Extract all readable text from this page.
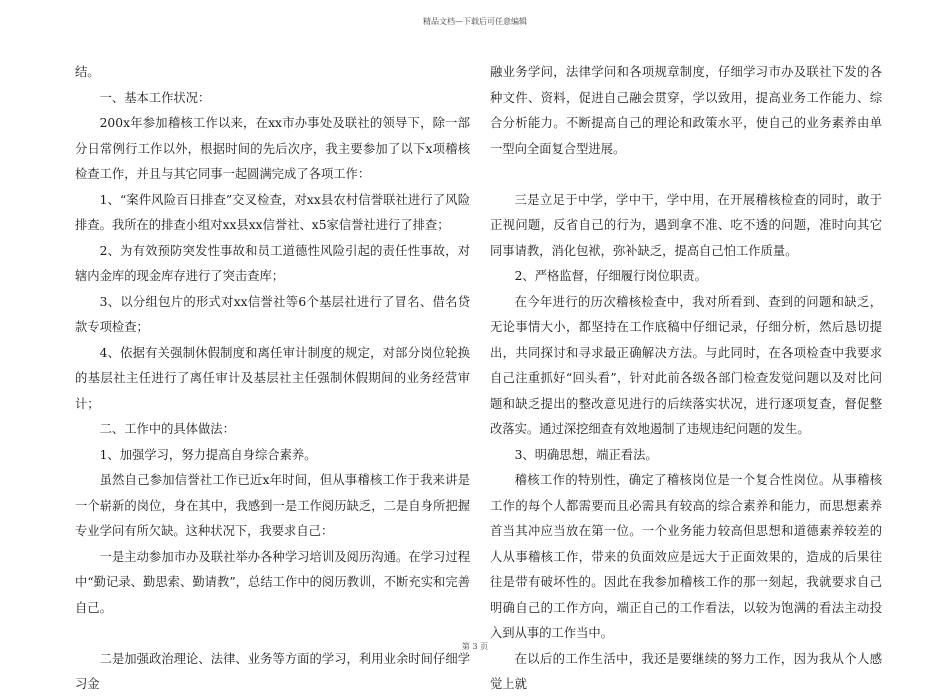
精品文档—下载后可任意编辑

结。

一、基本工作状况：

200x年参加稽核工作以来，在xx市办事处及联社的领导下，除一部分日常例行工作以外，根据时间的先后次序，我主要参加了以下x项稽核检查工作，并且与其它同事一起圆满完成了各项工作：

1、“案件风险百日排查”交叉检查，对xx县农村信誉联社进行了风险排查。我所在的排查小组对xx县xx信誉社、x5家信誉社进行了排查；

2、为有效预防突发性事故和员工道德性风险引起的责任性事故，对辖内金库的现金库存进行了突击查库；

3、以分组包片的形式对xx信誉社等6个基层社进行了冒名、借名贷款专项检查；

4、依据有关强制休假制度和离任审计制度的规定，对部分岗位轮换的基层社主任进行了离任审计及基层社主任强制休假期间的业务经营审计；

二、工作中的具体做法：

1、加强学习，努力提高自身综合素养。

虽然自己参加信誉社工作已近x年时间，但从事稽核工作于我来讲是一个崭新的岗位，身在其中，我感到一是工作阅历缺乏，二是自身所把握专业学问有所欠缺。这种状况下，我要求自己：

一是主动参加市办及联社举办各种学习培训及阅历沟通。在学习过程中“勤记录、勤思索、勤请教”，总结工作中的阅历教训，不断充实和完善自己。

二是加强政治理论、法律、业务等方面的学习，利用业余时间仔细学习金

融业务学问，法律学问和各项规章制度，仔细学习市办及联社下发的各种文件、资料，促进自己融会贯穿，学以致用，提高业务工作能力、综合分析能力。不断提高自己的理论和政策水平，使自己的业务素养由单一型向全面复合型进展。

三是立足于中学，学中干，学中用，在开展稽核检查的同时，敢于正视问题，反省自己的行为，遇到拿不准、吃不透的问题，准时向其它同事请教，消化包袱，弥补缺乏，提高自己怕工作质量。

2、严格监督，仔细履行岗位职责。

在今年进行的历次稽核检查中，我对所看到、查到的问题和缺乏，无论事情大小，都坚持在工作底稿中仔细记录，仔细分析，然后恳切提出，共同探讨和寻求最正确解决方法。与此同时，在各项检查中我要求自己注重抓好“回头看”，针对此前各级各部门检查发觉问题以及对比问题和缺乏提出的整改意见进行的后续落实状况，进行逐项复查，督促整改落实。通过深挖细查有效地遏制了违规违纪问题的发生。

3、明确思想，端正看法。

稽核工作的特别性，确定了稽核岗位是一个复合性岗位。从事稽核工作的每个人都需要而且必需具有较高的综合素养和能力，而思想素养首当其冲应当放在第一位。一个业务能力较高但思想和道德素养较差的人从事稽核工作，带来的负面效应是远大于正面效果的，造成的后果往往是带有破坏性的。因此在我参加稽核工作的那一刻起，我就要求自己明确自己的工作方向，端正自己的工作看法，以较为饱满的看法主动投入到从事的工作当中。

在以后的工作生活中，我还是要继续的努力工作，因为我从个人感觉上就

第 3 页
